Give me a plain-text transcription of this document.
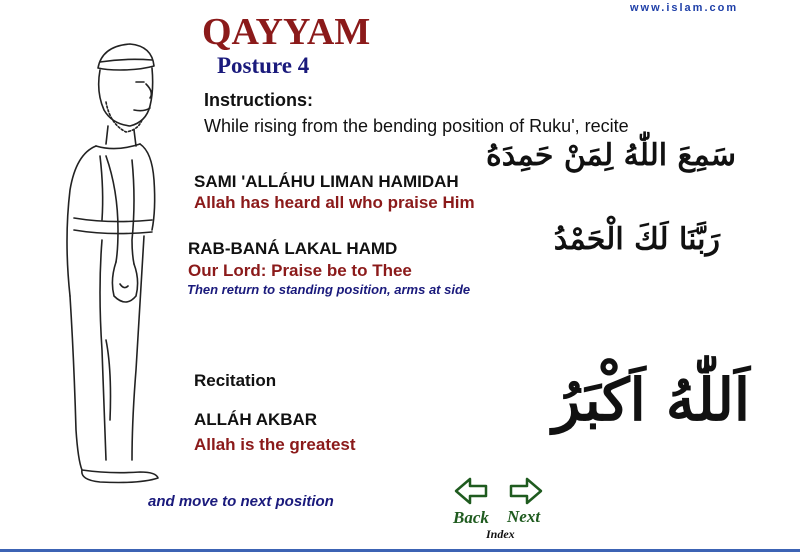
www.islam.com
QAYYAM
Posture 4
Instructions:
While rising from the bending position of Ruku', recite
سَمِعَ اللّٰهُ لِمَنْ حَمِدَهُ
SAMI 'ALLÁHU LIMAN HAMIDAH
Allah has heard all who praise Him
رَبَّنَا لَكَ الْحَمْدُ
RAB-BANÁ LAKAL HAMD
Our Lord: Praise be to Thee
Then return to standing position, arms at side
Recitation
ALLÁH AKBAR
Allah is the greatest
اَللّٰهُ اَكْبَرُ
and move to next position
Back Next
Index
